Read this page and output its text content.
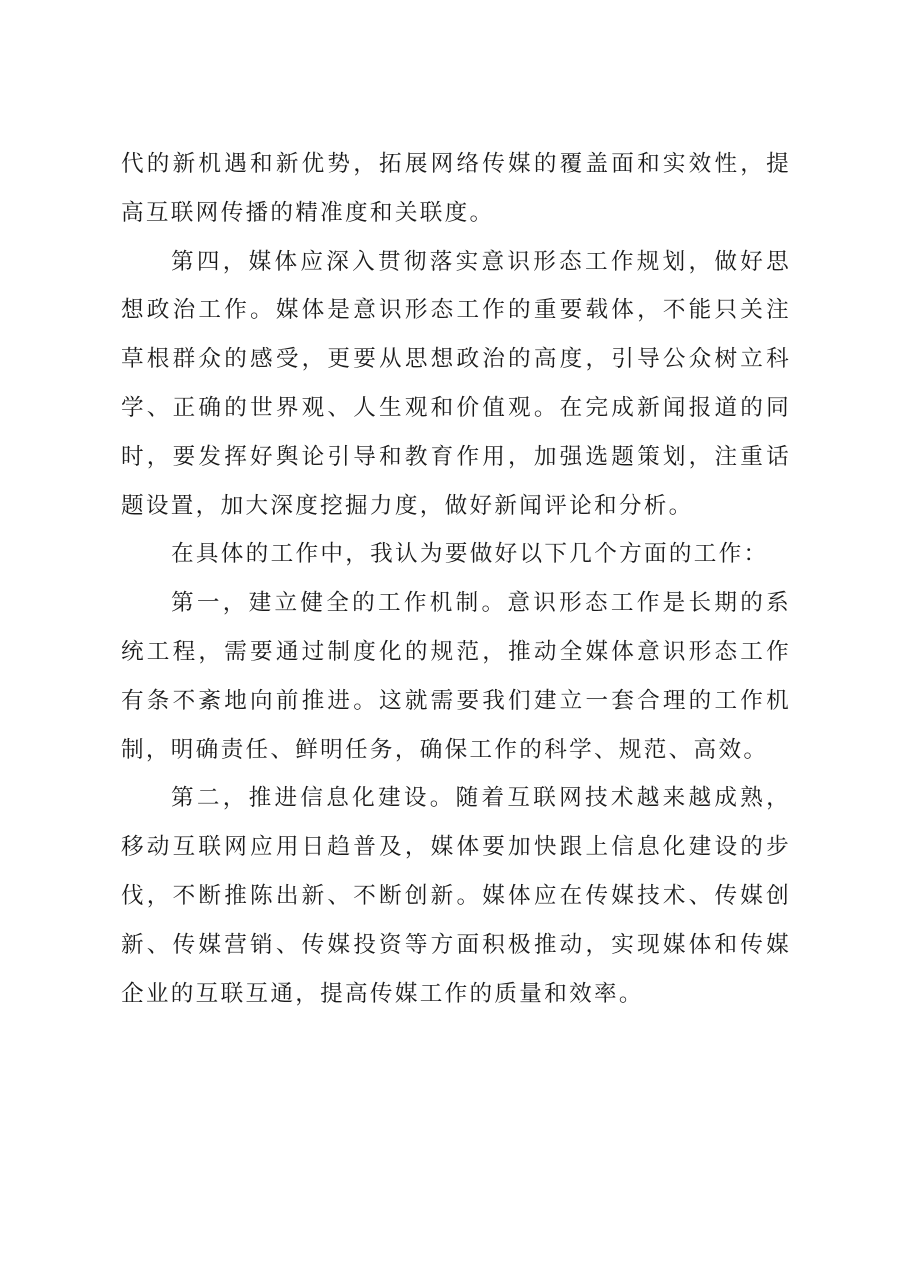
代的新机遇和新优势，拓展网络传媒的覆盖面和实效性，提高互联网传播的精准度和关联度。

第四，媒体应深入贯彻落实意识形态工作规划，做好思想政治工作。媒体是意识形态工作的重要载体，不能只关注草根群众的感受，更要从思想政治的高度，引导公众树立科学、正确的世界观、人生观和价值观。在完成新闻报道的同时，要发挥好舆论引导和教育作用，加强选题策划，注重话题设置，加大深度挖掘力度，做好新闻评论和分析。

在具体的工作中，我认为要做好以下几个方面的工作：

第一，建立健全的工作机制。意识形态工作是长期的系统工程，需要通过制度化的规范，推动全媒体意识形态工作有条不紊地向前推进。这就需要我们建立一套合理的工作机制，明确责任、鲜明任务，确保工作的科学、规范、高效。

第二，推进信息化建设。随着互联网技术越来越成熟，移动互联网应用日趋普及，媒体要加快跟上信息化建设的步伐，不断推陈出新、不断创新。媒体应在传媒技术、传媒创新、传媒营销、传媒投资等方面积极推动，实现媒体和传媒企业的互联互通，提高传媒工作的质量和效率。
